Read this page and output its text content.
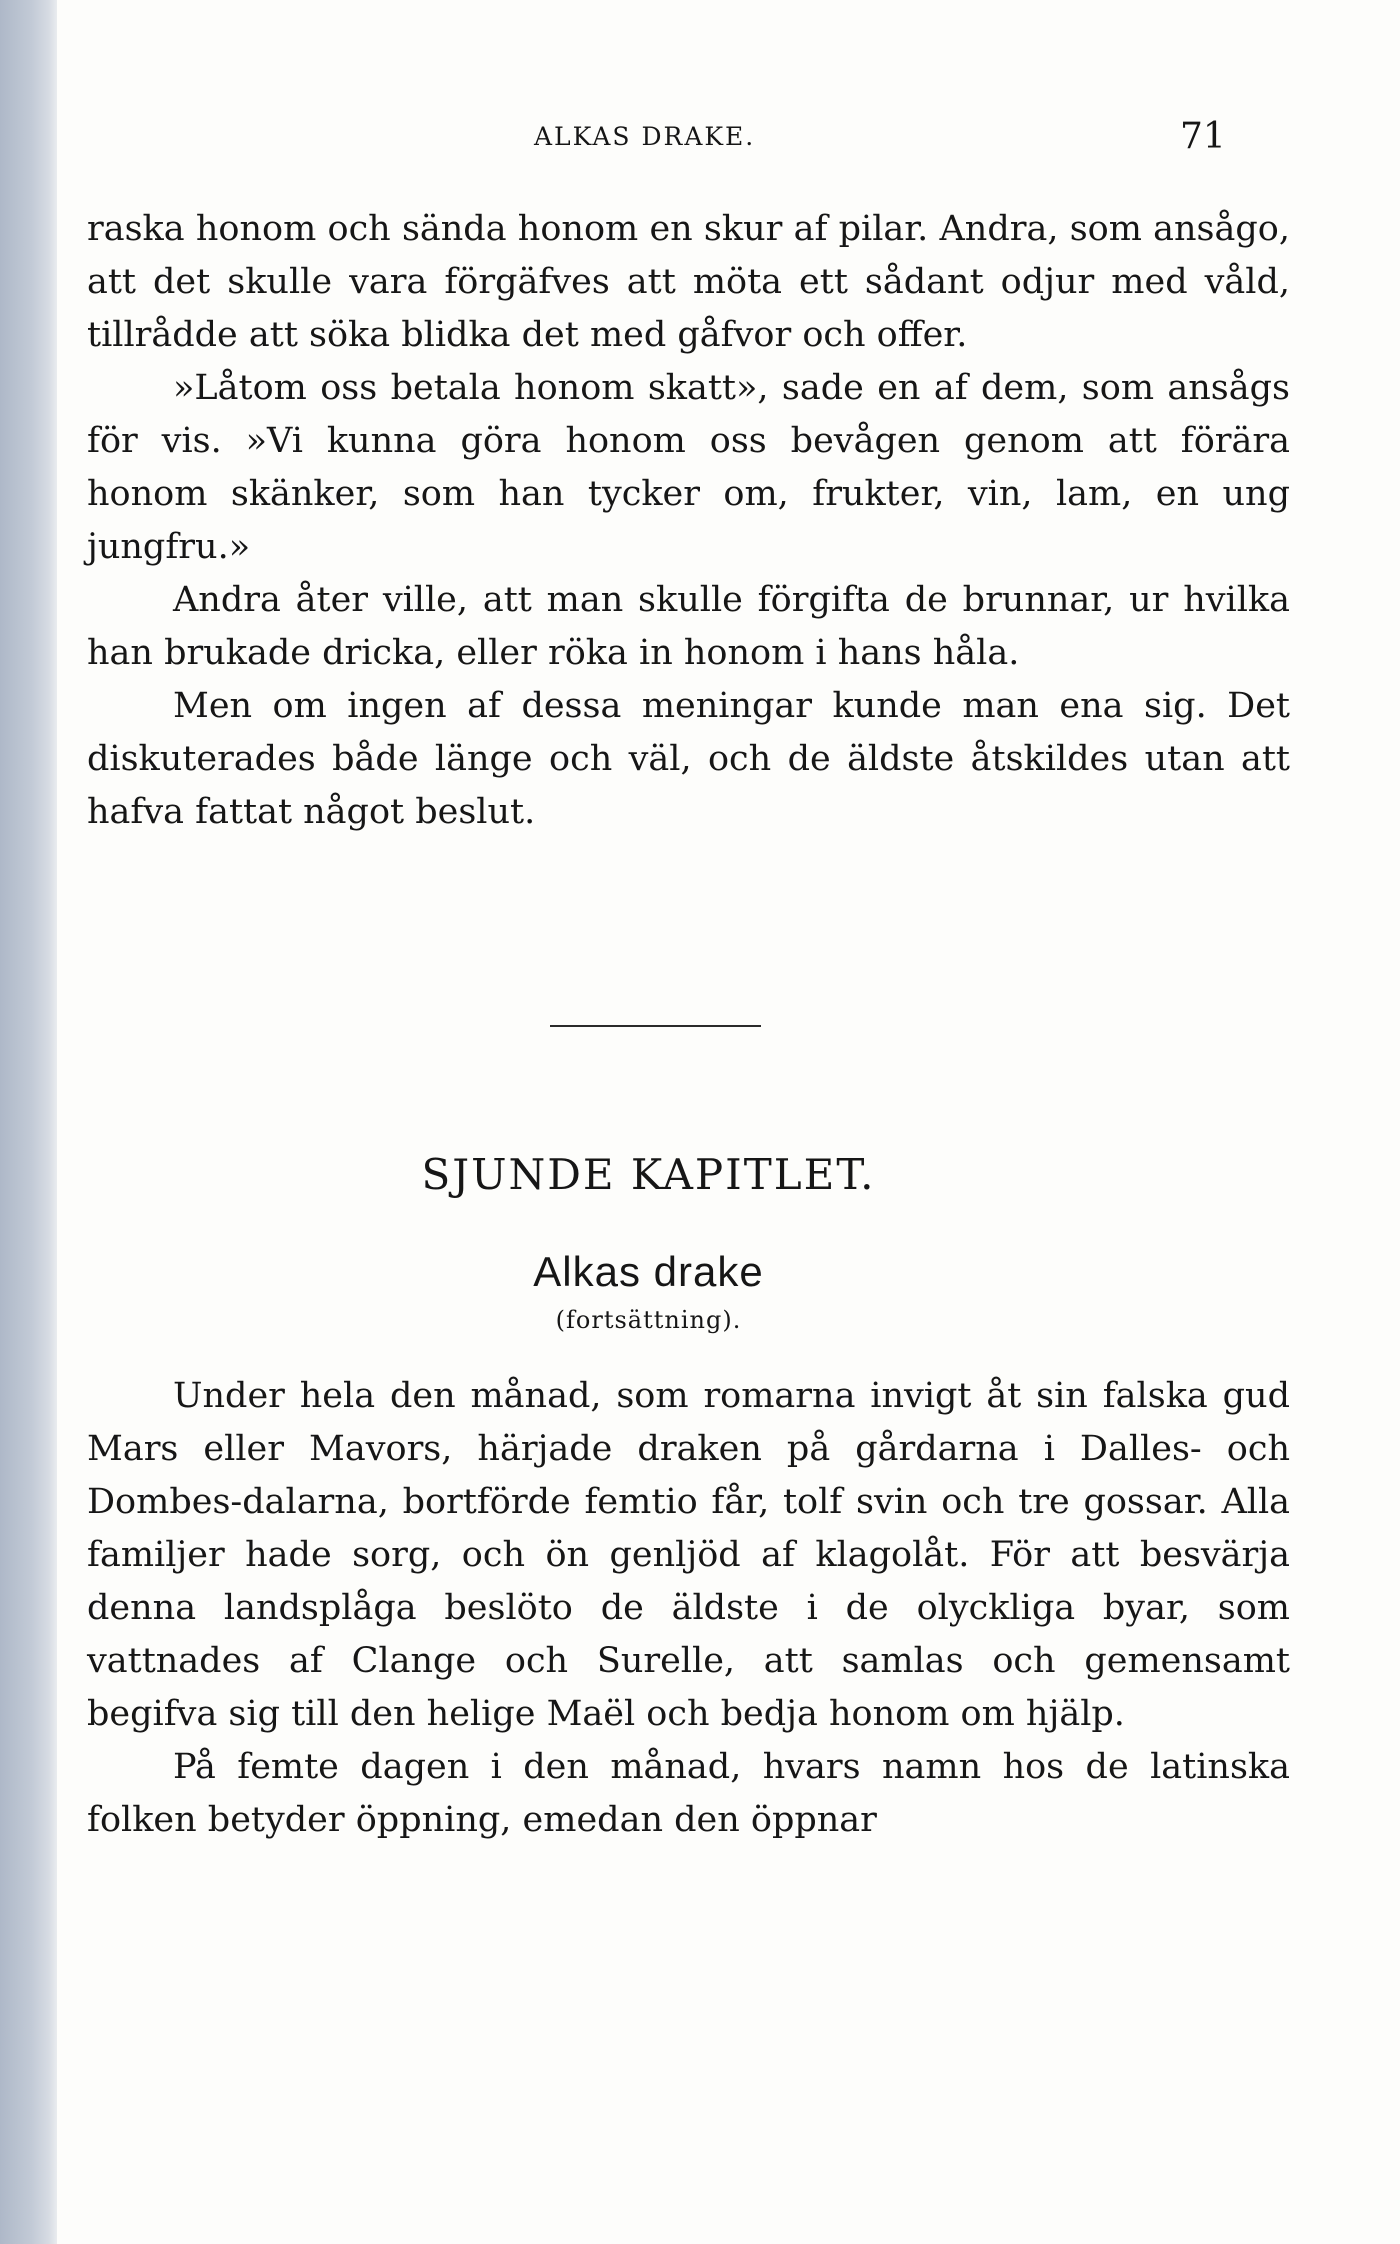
ALKAS DRAKE.	71

raska honom och sända honom en skur af pilar. Andra, som ansågo, att det skulle vara förgäfves att möta ett sådant odjur med våld, tillrådde att söka blidka det med gåfvor och offer.

»Låtom oss betala honom skatt», sade en af dem, som ansågs för vis. »Vi kunna göra honom oss bevågen genom att förära honom skänker, som han tycker om, frukter, vin, lam, en ung jungfru.»

Andra åter ville, att man skulle förgifta de brunnar, ur hvilka han brukade dricka, eller röka in honom i hans håla.

Men om ingen af dessa meningar kunde man ena sig. Det diskuterades både länge och väl, och de äldste åtskildes utan att hafva fattat något beslut.

SJUNDE KAPITLET.
Alkas drake
(fortsättning).

Under hela den månad, som romarna invigt åt sin falska gud Mars eller Mavors, härjade draken på gårdarna i Dalles- och Dombes-dalarna, bortförde femtio får, tolf svin och tre gossar. Alla familjer hade sorg, och ön genljöd af klagolåt. För att besvärja denna landsplåga beslöto de äldste i de olyckliga byar, som vattnades af Clange och Surelle, att samlas och gemensamt begifva sig till den helige Maël och bedja honom om hjälp.

På femte dagen i den månad, hvars namn hos de latinska folken betyder öppning, emedan den öppnar
